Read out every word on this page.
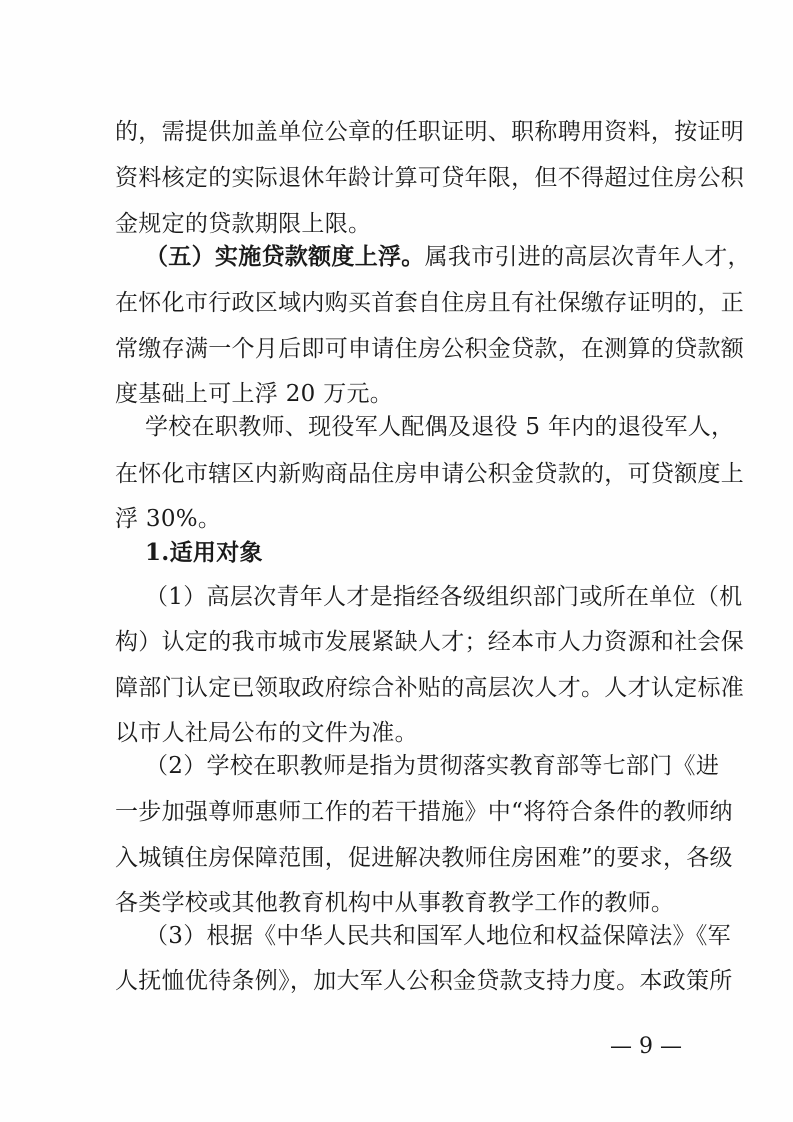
的，需提供加盖单位公章的任职证明、职称聘用资料，按证明
资料核定的实际退休年龄计算可贷年限，但不得超过住房公积
金规定的贷款期限上限。
（五）实施贷款额度上浮。属我市引进的高层次青年人才，
在怀化市行政区域内购买首套自住房且有社保缴存证明的，正
常缴存满一个月后即可申请住房公积金贷款，在测算的贷款额
度基础上可上浮 20 万元。
学校在职教师、现役军人配偶及退役 5 年内的退役军人，
在怀化市辖区内新购商品住房申请公积金贷款的，可贷额度上
浮 30%。
1.适用对象
（1）高层次青年人才是指经各级组织部门或所在单位（机
构）认定的我市城市发展紧缺人才；经本市人力资源和社会保
障部门认定已领取政府综合补贴的高层次人才。人才认定标准
以市人社局公布的文件为准。
（2）学校在职教师是指为贯彻落实教育部等七部门《进
一步加强尊师惠师工作的若干措施》中“将符合条件的教师纳
入城镇住房保障范围，促进解决教师住房困难”的要求，各级
各类学校或其他教育机构中从事教育教学工作的教师。
（3）根据《中华人民共和国军人地位和权益保障法》《军
人抚恤优待条例》，加大军人公积金贷款支持力度。本政策所
— 9 —
